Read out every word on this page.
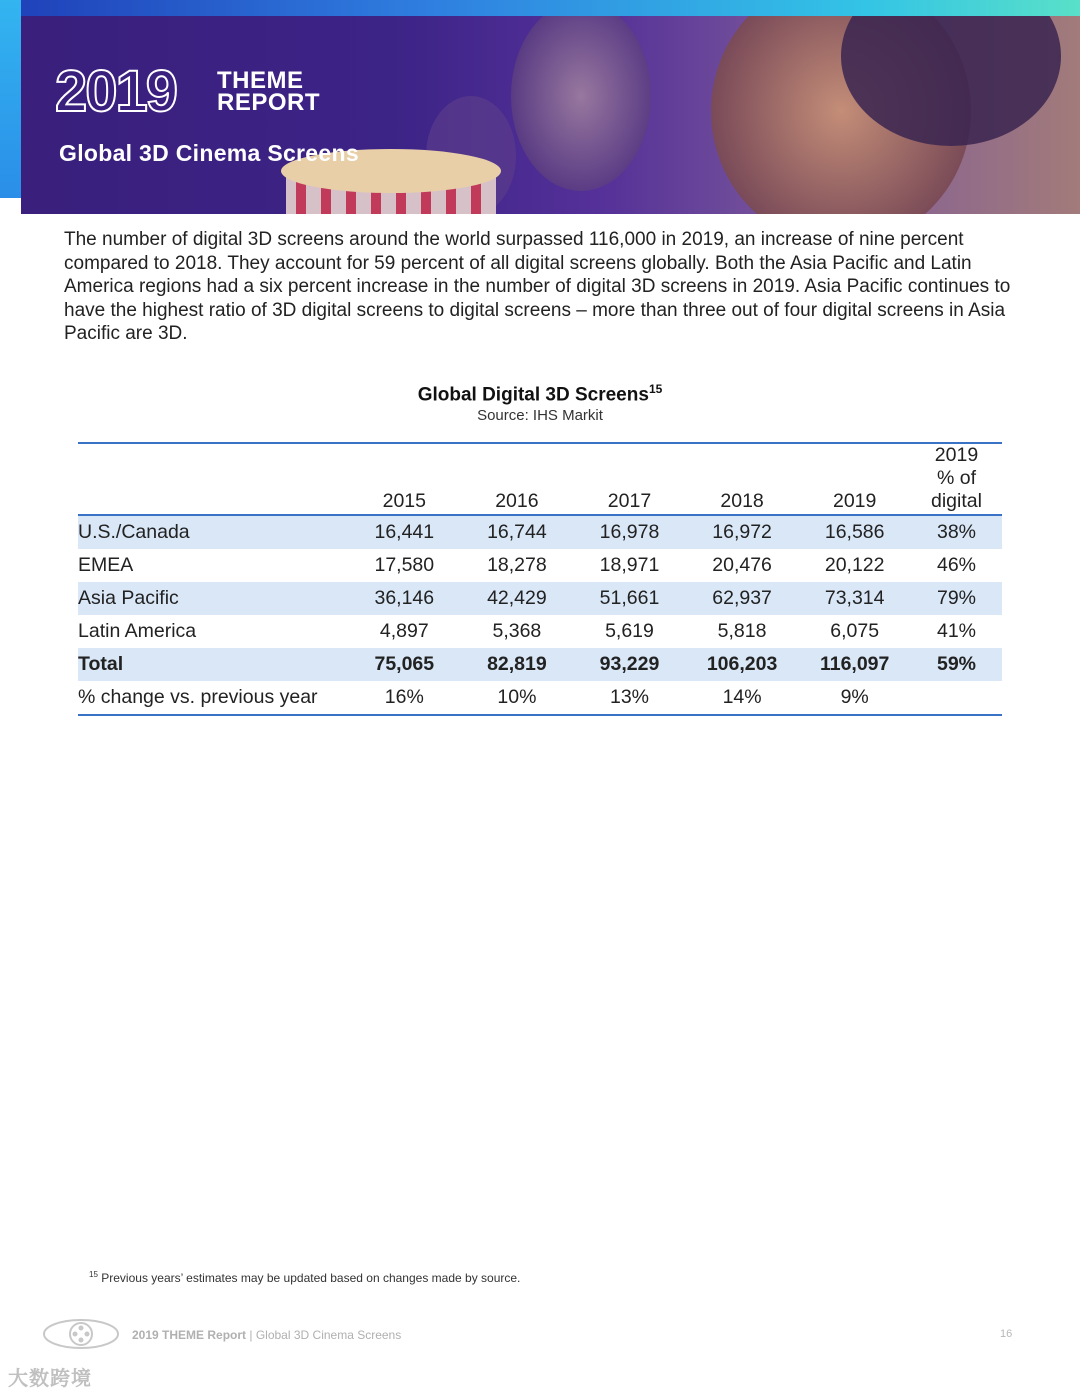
2019 THEME
REPORT
Global 3D Cinema Screens

The number of digital 3D screens around the world surpassed 116,000 in 2019, an increase of nine percent compared to 2018. They account for 59 percent of all digital screens globally. Both the Asia Pacific and Latin America regions had a six percent increase in the number of digital 3D screens in 2019. Asia Pacific continues to have the highest ratio of 3D digital screens to digital screens – more than three out of four digital screens in Asia Pacific are 3D.

Global Digital 3D Screens$^{15}$
Source: IHS Markit
	2015	2016	2017	2018	2019	2019
% of digital

U.S./Canada	16,441	16,744	16,978	16,972	16,586	38%
EMEA	17,580	18,278	18,971	20,476	20,122	46%
Asia Pacific	36,146	42,429	51,661	62,937	73,314	79%
Latin America	4,897	5,368	5,619	5,818	6,075	41%
Total	75,065	82,819	93,229	106,203	116,097	59%
% change vs. previous year	16%	10%	13%	14%	9%	
$^{15}$ Previous years’ estimates may be updated based on changes made by source.
2019 THEME Report | Global 3D Cinema Screens	16
大数跨境
